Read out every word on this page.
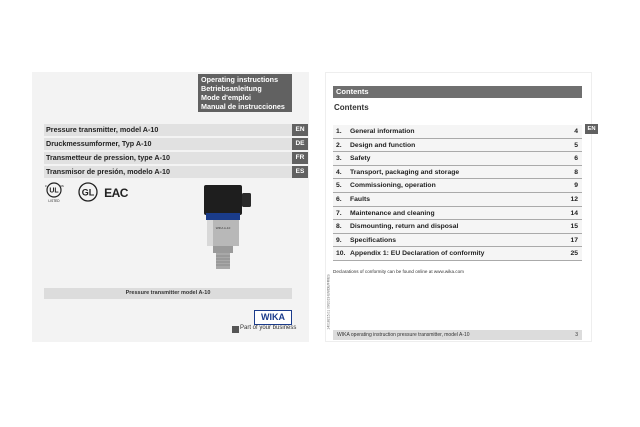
Operating instructions
Betriebsanleitung
Mode d'emploi
Manual de instrucciones
Pressure transmitter, model A-10	EN
Druckmessumformer, Typ A-10	DE
Transmetteur de pression, type A-10	FR
Transmisor de presión, modelo A-10	ES
UL
c	us
LISTED
GL EAC
WIKA A-10
Pressure transmitter model A-10
WIKA
Part of your business
Contents
Contents
1. General information	4
2. Design and function	5
3. Safety	6
4. Transport, packaging and storage	8
5. Commissioning, operation	9
6. Faults	12
7. Maintenance and cleaning	14
8. Dismounting, return and disposal	15
9. Specifications	17
10. Appendix 1: EU Declaration of conformity	25
EN
Declarations of conformity can be found online at www.wika.com
14018215.01 09/2019 EN/DE/FR/ES
WIKA operating instruction pressure transmitter, model A-10	3
